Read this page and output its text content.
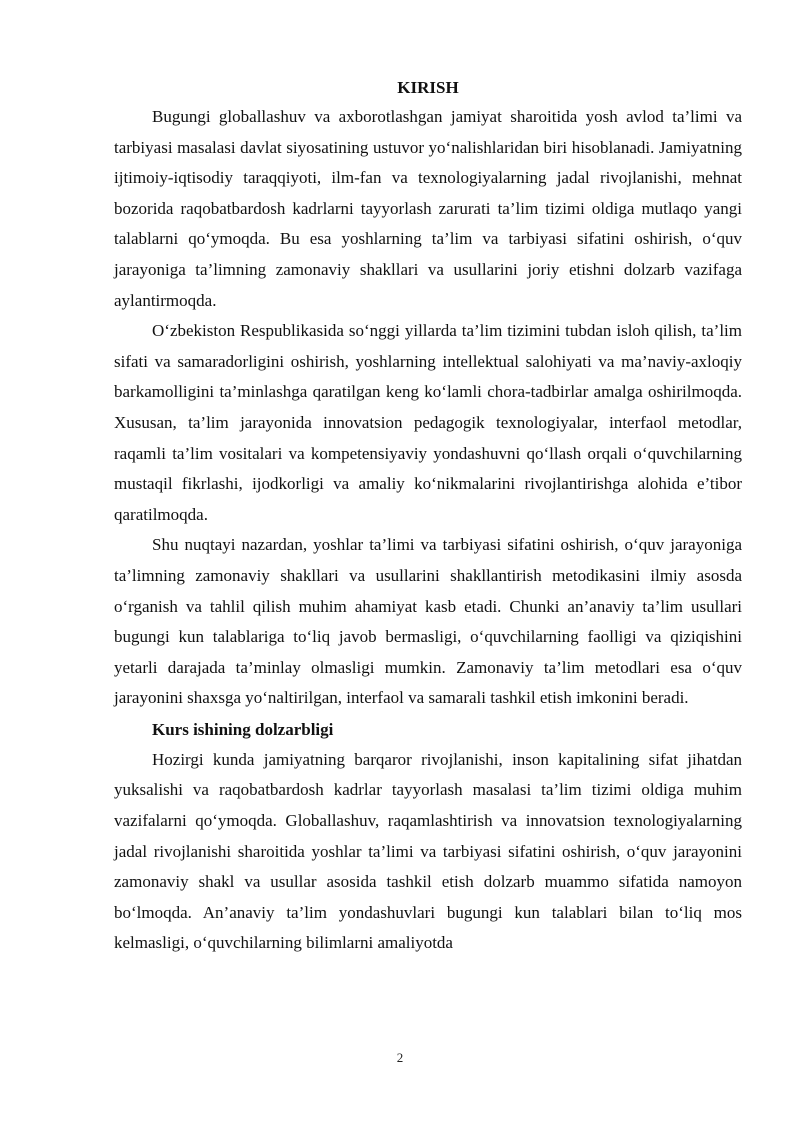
KIRISH

Bugungi globallashuv va axborotlashgan jamiyat sharoitida yosh avlod ta’limi va tarbiyasi masalasi davlat siyosatining ustuvor yo‘nalishlaridan biri hisoblanadi. Jamiyatning ijtimoiy-iqtisodiy taraqqiyoti, ilm-fan va texnologiyalarning jadal rivojlanishi, mehnat bozorida raqobatbardosh kadrlarni tayyorlash zarurati ta’lim tizimi oldiga mutlaqo yangi talablarni qo‘ymoqda. Bu esa yoshlarning ta’lim va tarbiyasi sifatini oshirish, o‘quv jarayoniga ta’limning zamonaviy shakllari va usullarini joriy etishni dolzarb vazifaga aylantirmoqda.

O‘zbekiston Respublikasida so‘nggi yillarda ta’lim tizimini tubdan isloh qilish, ta’lim sifati va samaradorligini oshirish, yoshlarning intellektual salohiyati va ma’naviy-axloqiy barkamolligini ta’minlashga qaratilgan keng ko‘lamli chora-tadbirlar amalga oshirilmoqda. Xususan, ta’lim jarayonida innovatsion pedagogik texnologiyalar, interfaol metodlar, raqamli ta’lim vositalari va kompetensiyaviy yondashuvni qo‘llash orqali o‘quvchilarning mustaqil fikrlashi, ijodkorligi va amaliy ko‘nikmalarini rivojlantirishga alohida e’tibor qaratilmoqda.

Shu nuqtayi nazardan, yoshlar ta’limi va tarbiyasi sifatini oshirish, o‘quv jarayoniga ta’limning zamonaviy shakllari va usullarini shakllantirish metodikasini ilmiy asosda o‘rganish va tahlil qilish muhim ahamiyat kasb etadi. Chunki an’anaviy ta’lim usullari bugungi kun talablariga to‘liq javob bermasligi, o‘quvchilarning faolligi va qiziqishini yetarli darajada ta’minlay olmasligi mumkin. Zamonaviy ta’lim metodlari esa o‘quv jarayonini shaxsga yo‘naltirilgan, interfaol va samarali tashkil etish imkonini beradi.

Kurs ishining dolzarbligi

Hozirgi kunda jamiyatning barqaror rivojlanishi, inson kapitalining sifat jihatdan yuksalishi va raqobatbardosh kadrlar tayyorlash masalasi ta’lim tizimi oldiga muhim vazifalarni qo‘ymoqda. Globallashuv, raqamlashtirish va innovatsion texnologiyalarning jadal rivojlanishi sharoitida yoshlar ta’limi va tarbiyasi sifatini oshirish, o‘quv jarayonini zamonaviy shakl va usullar asosida tashkil etish dolzarb muammo sifatida namoyon bo‘lmoqda. An’anaviy ta’lim yondashuvlari bugungi kun talablari bilan to‘liq mos kelmasligi, o‘quvchilarning bilimlarni amaliyotda

2
